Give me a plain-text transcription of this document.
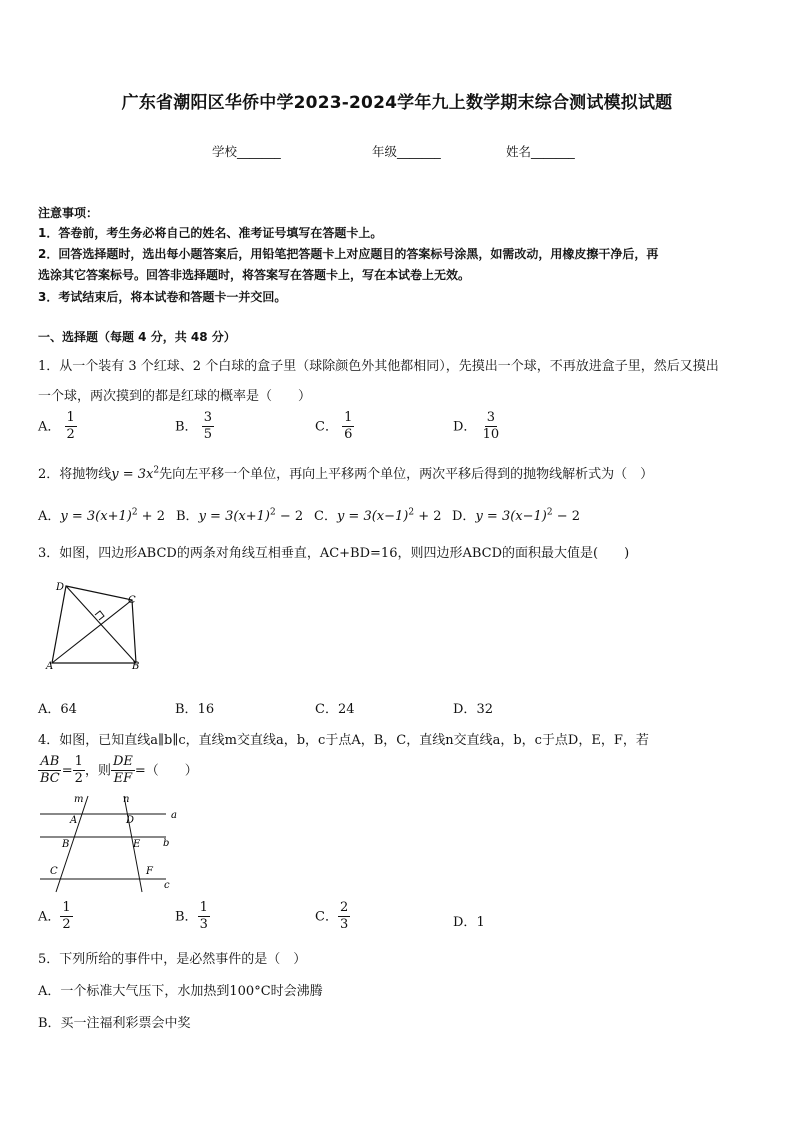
广东省潮阳区华侨中学2023-2024学年九上数学期末综合测试模拟试题
学校_______	年级_______	姓名_______
注意事项：
1．答卷前，考生务必将自己的姓名、准考证号填写在答题卡上。
2．回答选择题时，选出每小题答案后，用铅笔把答题卡上对应题目的答案标号涂黑，如需改动，用橡皮擦干净后，再
选涂其它答案标号。回答非选择题时，将答案写在答题卡上，写在本试卷上无效。
3．考试结束后，将本试卷和答题卡一并交回。
一、选择题（每题 4 分，共 48 分）
1．从一个装有 3 个红球、2 个白球的盒子里（球除颜色外其他都相同），先摸出一个球，不再放进盒子里，然后又摸出
一个球，两次摸到的都是红球的概率是（　　）
A． $\frac{1}{2}$	B． $\frac{3}{5}$	C． $\frac{1}{6}$	D． $\frac{3}{10}$
2．将抛物线$y = 3x^2$先向左平移一个单位，再向上平移两个单位，两次平移后得到的抛物线解析式为（　）
A．$y = 3(x+1)^2 + 2$ B．$y = 3(x+1)^2 - 2$ C．$y = 3(x-1)^2 + 2$ D．$y = 3(x-1)^2 - 2$
3．如图，四边形ABCD的两条对角线互相垂直，AC+BD=16，则四边形ABCD的面积最大值是(　　)
D
C
A	B
A．64	B．16	C．24	D．32
4．如图，已知直线a∥b∥c，直线m交直线a，b，c于点A，B，C，直线n交直线a，b，c于点D，E，F，若
$\frac{AB}{BC} = \frac{1}{2}$ ，则 $\frac{DE}{EF}$ =（　　）
m	n
a
b
c
A
B
C
D
E
F
A． $\frac{1}{2}$	B． $\frac{1}{3}$	C． $\frac{2}{3}$	D．1
5．下列所给的事件中，是必然事件的是（　）
A．一个标准大气压下，水加热到100°C时会沸腾
B．买一注福利彩票会中奖
